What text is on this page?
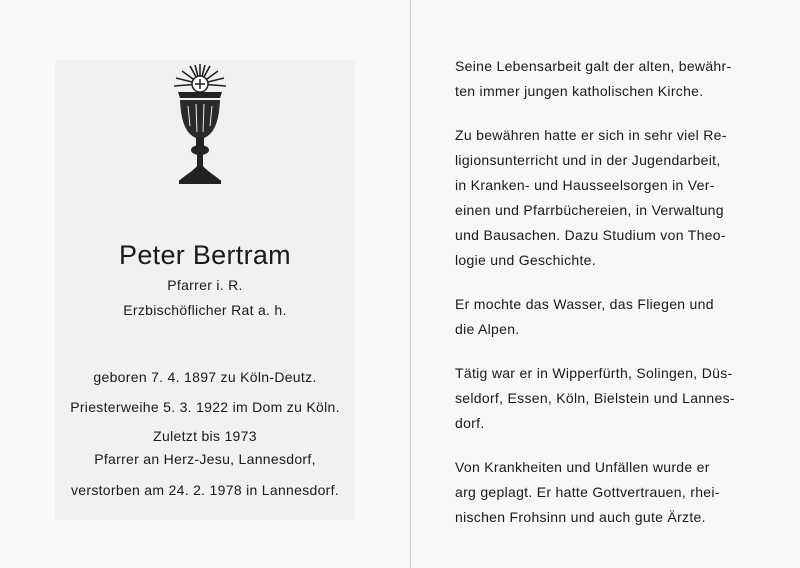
Peter Bertram
Pfarrer i. R.
Erzbischöflicher Rat a. h.
geboren 7. 4. 1897 zu Köln-Deutz.
Priesterweihe 5. 3. 1922 im Dom zu Köln.
Zuletzt bis 1973
Pfarrer an Herz-Jesu, Lannesdorf,
verstorben am 24. 2. 1978 in Lannesdorf.

Seine Lebensarbeit galt der alten, bewähr-
ten immer jungen katholischen Kirche.

Zu bewähren hatte er sich in sehr viel Re-
ligionsunterricht und in der Jugendarbeit,
in Kranken- und Hausseelsorgen in Ver-
einen und Pfarrbüchereien, in Verwaltung
und Bausachen. Dazu Studium von Theo-
logie und Geschichte.

Er mochte das Wasser, das Fliegen und
die Alpen.

Tätig war er in Wipperfürth, Solingen, Düs-
seldorf, Essen, Köln, Bielstein und Lannes-
dorf.

Von Krankheiten und Unfällen wurde er
arg geplagt. Er hatte Gottvertrauen, rhei-
nischen Frohsinn und auch gute Ärzte.
